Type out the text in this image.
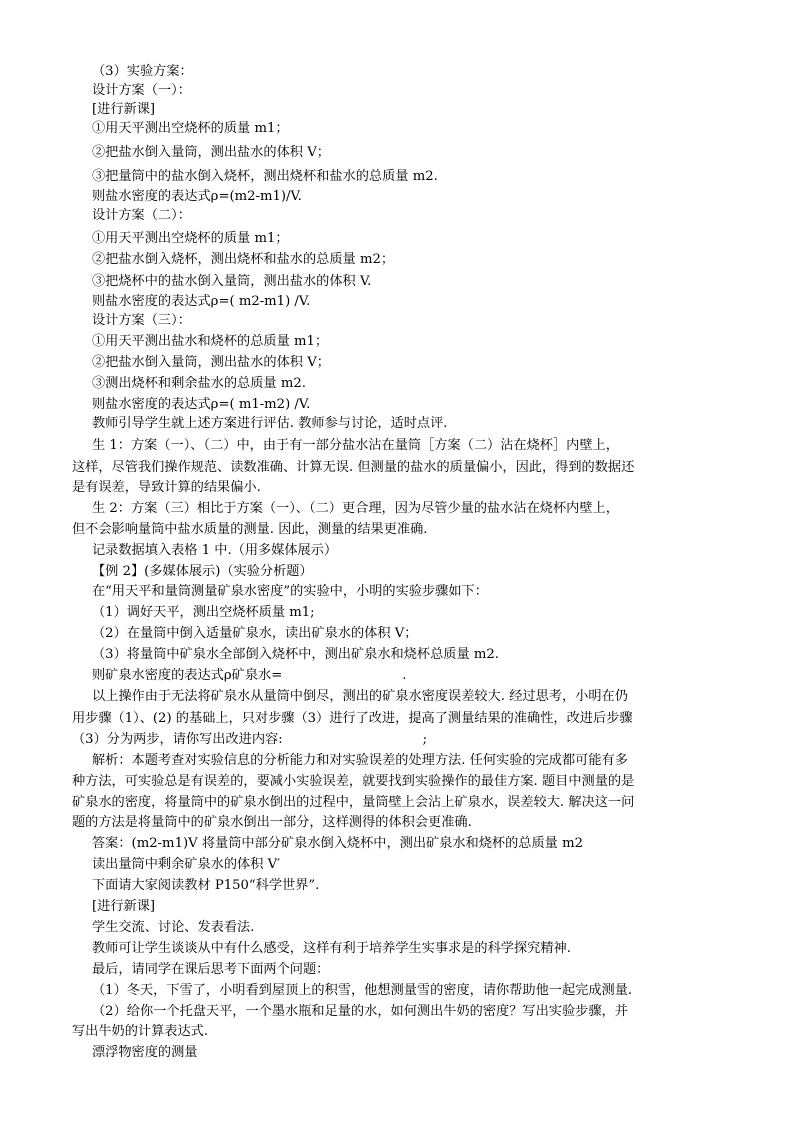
（3）实验方案：
设计方案（一）：
[进行新课]
①用天平测出空烧杯的质量 m1；
②把盐水倒入量筒，测出盐水的体积 V；
③把量筒中的盐水倒入烧杯，测出烧杯和盐水的总质量 m2.
则盐水密度的表达式ρ=(m2-m1)/V.
设计方案（二）：
①用天平测出空烧杯的质量 m1；
②把盐水倒入烧杯，测出烧杯和盐水的总质量 m2；
③把烧杯中的盐水倒入量筒，测出盐水的体积 V.
则盐水密度的表达式ρ=( m2-m1) /V.
设计方案（三）：
①用天平测出盐水和烧杯的总质量 m1；
②把盐水倒入量筒，测出盐水的体积 V；
③测出烧杯和剩余盐水的总质量 m2.
则盐水密度的表达式ρ=( m1-m2) /V.
教师引导学生就上述方案进行评估. 教师参与讨论，适时点评.
生 1：方案（一）、（二）中，由于有一部分盐水沾在量筒［方案（二）沾在烧杯］内壁上，
这样，尽管我们操作规范、读数准确、计算无误. 但测量的盐水的质量偏小，因此，得到的数据还
是有误差，导致计算的结果偏小.
生 2：方案（三）相比于方案（一）、（二）更合理，因为尽管少量的盐水沾在烧杯内壁上，
但不会影响量筒中盐水质量的测量. 因此，测量的结果更准确.
记录数据填入表格 1 中.（用多媒体展示）
【例 2】(多媒体展示)（实验分析题）
在“用天平和量筒测量矿泉水密度”的实验中，小明的实验步骤如下：
（1）调好天平，测出空烧杯质量 m1;
（2）在量筒中倒入适量矿泉水，读出矿泉水的体积 V；
（3）将量筒中矿泉水全部倒入烧杯中，测出矿泉水和烧杯总质量 m2.
则矿泉水密度的表达式ρ矿泉水=	.
以上操作由于无法将矿泉水从量筒中倒尽，测出的矿泉水密度误差较大. 经过思考，小明在仍
用步骤（1）、(2) 的基础上，只对步骤（3）进行了改进，提高了测量结果的准确性，改进后步骤
（3）分为两步，请你写出改进内容:	;
解析：本题考查对实验信息的分析能力和对实验误差的处理方法. 任何实验的完成都可能有多
种方法，可实验总是有误差的，要减小实验误差，就要找到实验操作的最佳方案. 题目中测量的是
矿泉水的密度，将量筒中的矿泉水倒出的过程中，量筒壁上会沾上矿泉水，误差较大. 解决这一问
题的方法是将量筒中的矿泉水倒出一部分，这样测得的体积会更准确.
答案：(m2-m1)V 将量筒中部分矿泉水倒入烧杯中，测出矿泉水和烧杯的总质量 m2
读出量筒中剩余矿泉水的体积 V′
下面请大家阅读教材 P150“科学世界”.
[进行新课]
学生交流、讨论、发表看法.
教师可让学生谈谈从中有什么感受，这样有利于培养学生实事求是的科学探究精神.
最后，请同学在课后思考下面两个问题：
（1）冬天，下雪了，小明看到屋顶上的积雪，他想测量雪的密度，请你帮助他一起完成测量.
（2）给你一个托盘天平，一个墨水瓶和足量的水，如何测出牛奶的密度？写出实验步骤，并
写出牛奶的计算表达式.
漂浮物密度的测量
